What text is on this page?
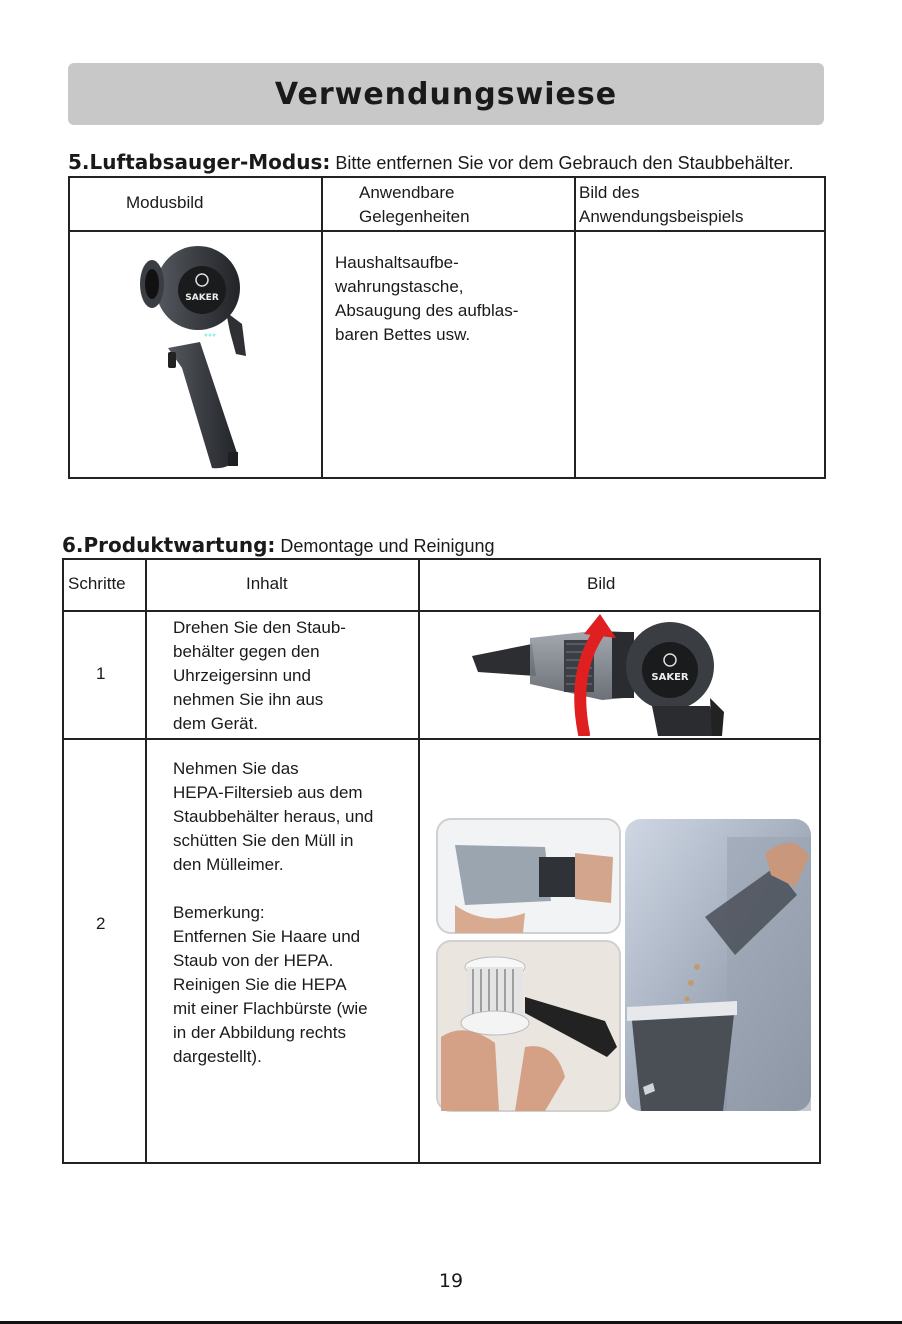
Verwendungswiese
5.Luftabsauger-Modus: Bitte entfernen Sie vor dem Gebrauch den Staubbehälter.
Modusbild
Anwendbare
Gelegenheiten
Bild des
Anwendungsbeispiels
Haushaltsaufbe-
wahrungstasche,
Absaugung des aufblas-
baren Bettes usw.
SAKER
6.Produktwartung: Demontage und Reinigung
Schritte	Inhalt	Bild
1
Drehen Sie den Staub-
behälter gegen den
Uhrzeigersinn und
nehmen Sie ihn aus
dem Gerät.
2
Nehmen Sie das
HEPA-Filtersieb aus dem
Staubbehälter heraus, und
schütten Sie den Müll in
den Mülleimer.
Bemerkung:
Entfernen Sie Haare und
Staub von der HEPA.
Reinigen Sie die HEPA
mit einer Flachbürste (wie
in der Abbildung rechts
dargestellt).
SAKER
19
